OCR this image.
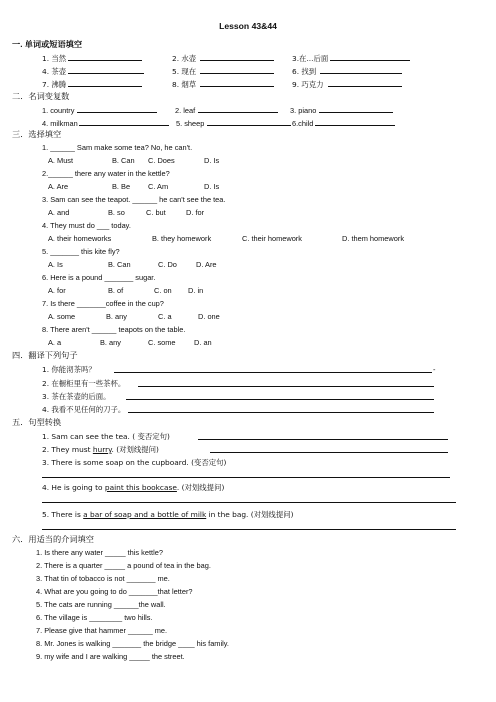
Lesson 43&44
一. 单词或短语填空
1. 当然	2. 水壶	3.在...后面
4. 茶壶	5. 现在	6. 找到
7. 沸腾	8. 烟草	9. 巧克力
二．名词变复数
1. country	2. leaf	3. piano
4. milkman	5. sheep	6.child
三．选择填空
1. ______ Sam make some tea? No, he can't.
A. Must	B. Can C. Does	D. Is
2.______ there any water in the kettle?
A. Are	B. Be C. Am	D. Is
3. Sam can see the teapot. ______ he can't see the tea.
A. and	B. so	C. but	D. for
4. They must do ___ today.
A. their homeworks	B. they homework	C. their homework	D. them homework
5. _______ this kite fly?
A. Is	B. Can	C. Do	D. Are
6. Here is a pound _______ sugar.
A. for	B. of	C. on D. in
7. Is there _______coffee in the cup?
A. some	B. any	C. a	D. one
8. There aren't ______ teapots on the table.
A. a	B. any	C. some D. an
四．翻译下列句子
1. 你能沏茶吗？	-
2. 在橱柜里有一些茶杯。
3. 茶在茶壶的后面。
4. 我看不见任何的刀子。
五．句型转换
1. Sam can see the tea. ( 变否定句)
2. They must hurry. (对划线提问)
3. There is some soap on the cupboard. (变否定句)
4. He is going to paint this bookcase. (对划线提问)
5. There is a bar of soap and a bottle of milk in the bag. (对划线提问)
六．用适当的介词填空
1. Is there any water _____ this kettle?
2. There is a quarter _____ a pound of tea in the bag.
3. That tin of tobacco is not _______ me.
4. What are you going to do _______that letter?
5. The cats are running ______the wall.
6. The village is ________ two hills.
7. Please give that hammer ______ me.
8. Mr. Jones is walking _______ the bridge ____ his family.
9. my wife and I are walking _____ the street.
